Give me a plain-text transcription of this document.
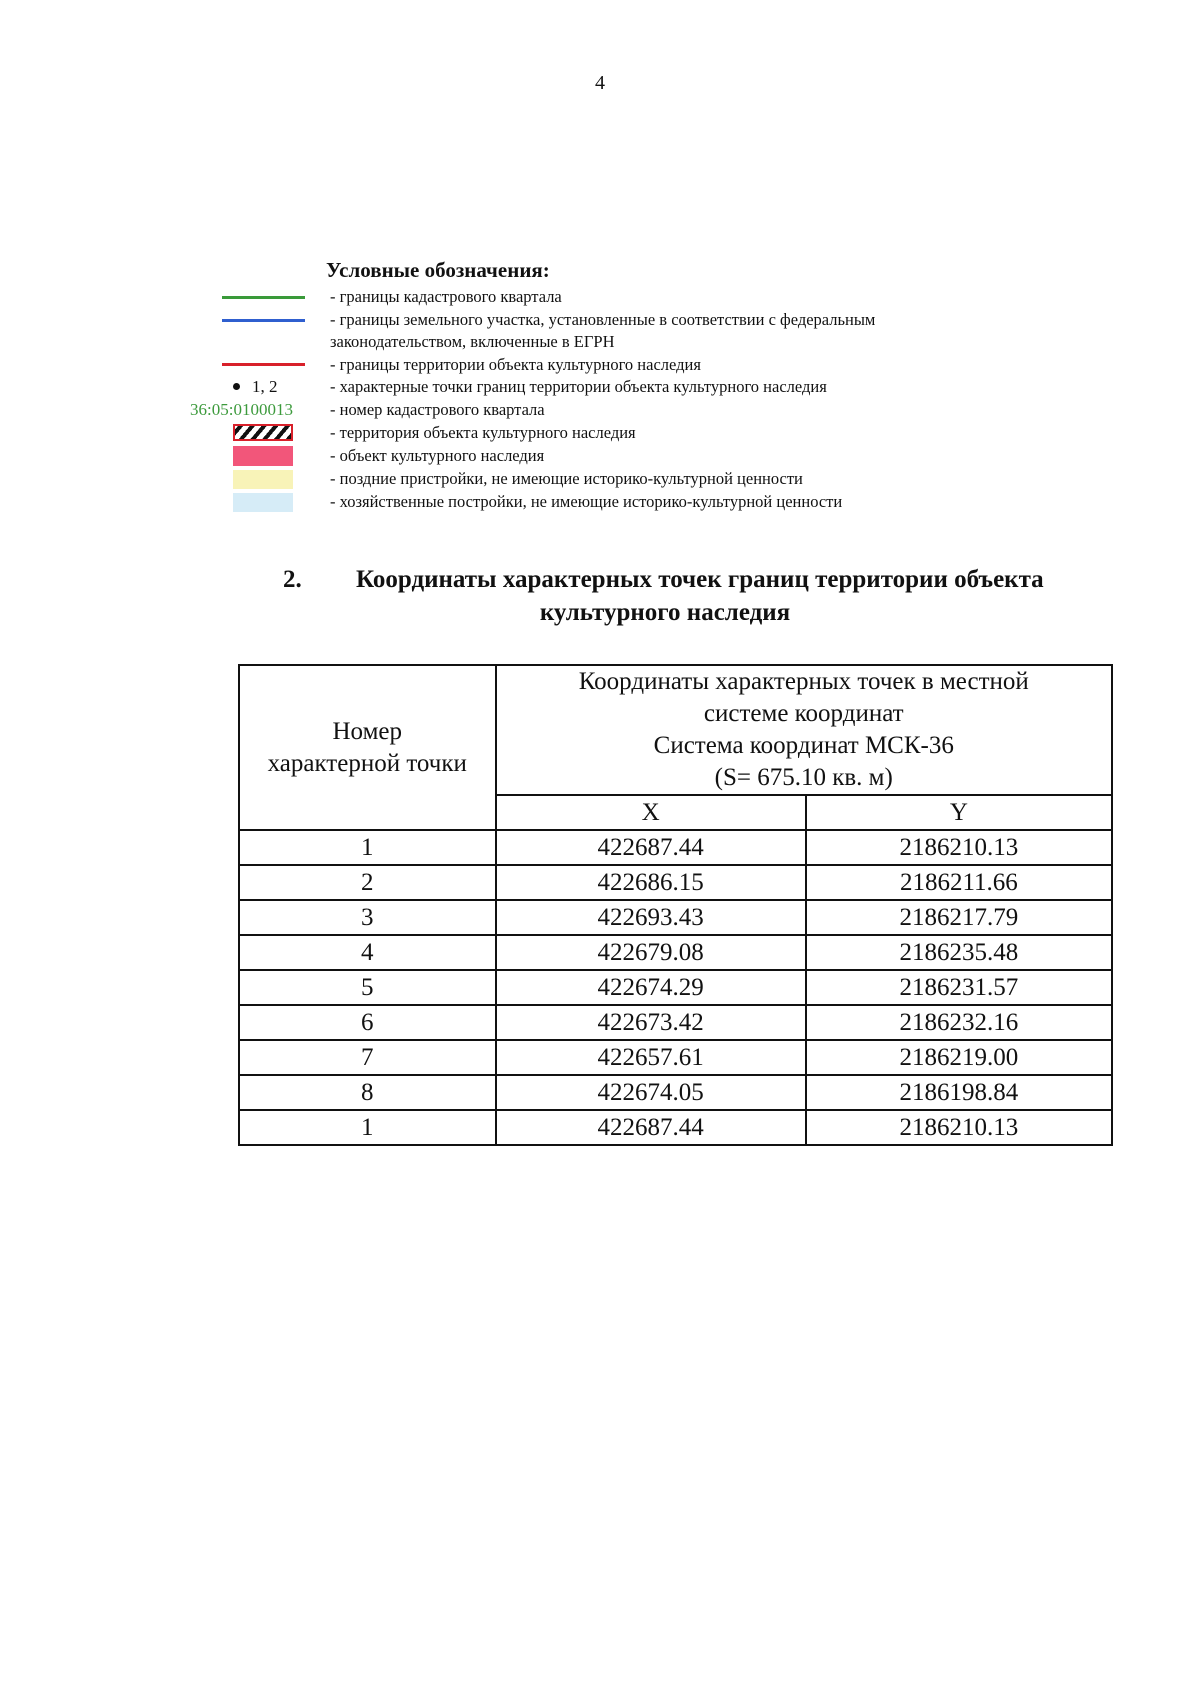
4
Условные обозначения:
- границы кадастрового квартала
- границы земельного участка, установленные в соответствии с федеральным
законодательством, включенные в ЕГРН
- границы территории объекта культурного наследия
1, 2	- характерные точки границ территории объекта культурного наследия
36:05:0100013 - номер кадастрового квартала
- территория объекта культурного наследия
- объект культурного наследия
- поздние пристройки, не имеющие историко-культурной ценности
- хозяйственные постройки, не имеющие историко-культурной ценности
2. Координаты характерных точек границ территории объекта
культурного наследия
Номер
характерной точки	Координаты характерных точек в местной
системе координат
Система координат МСК-36
(S= 675.10 кв. м)	

	X	Y
1	422687.44	2186210.13
2	422686.15	2186211.66
3	422693.43	2186217.79
4	422679.08	2186235.48
5	422674.29	2186231.57
6	422673.42	2186232.16
7	422657.61	2186219.00
8	422674.05	2186198.84
1	422687.44	2186210.13
